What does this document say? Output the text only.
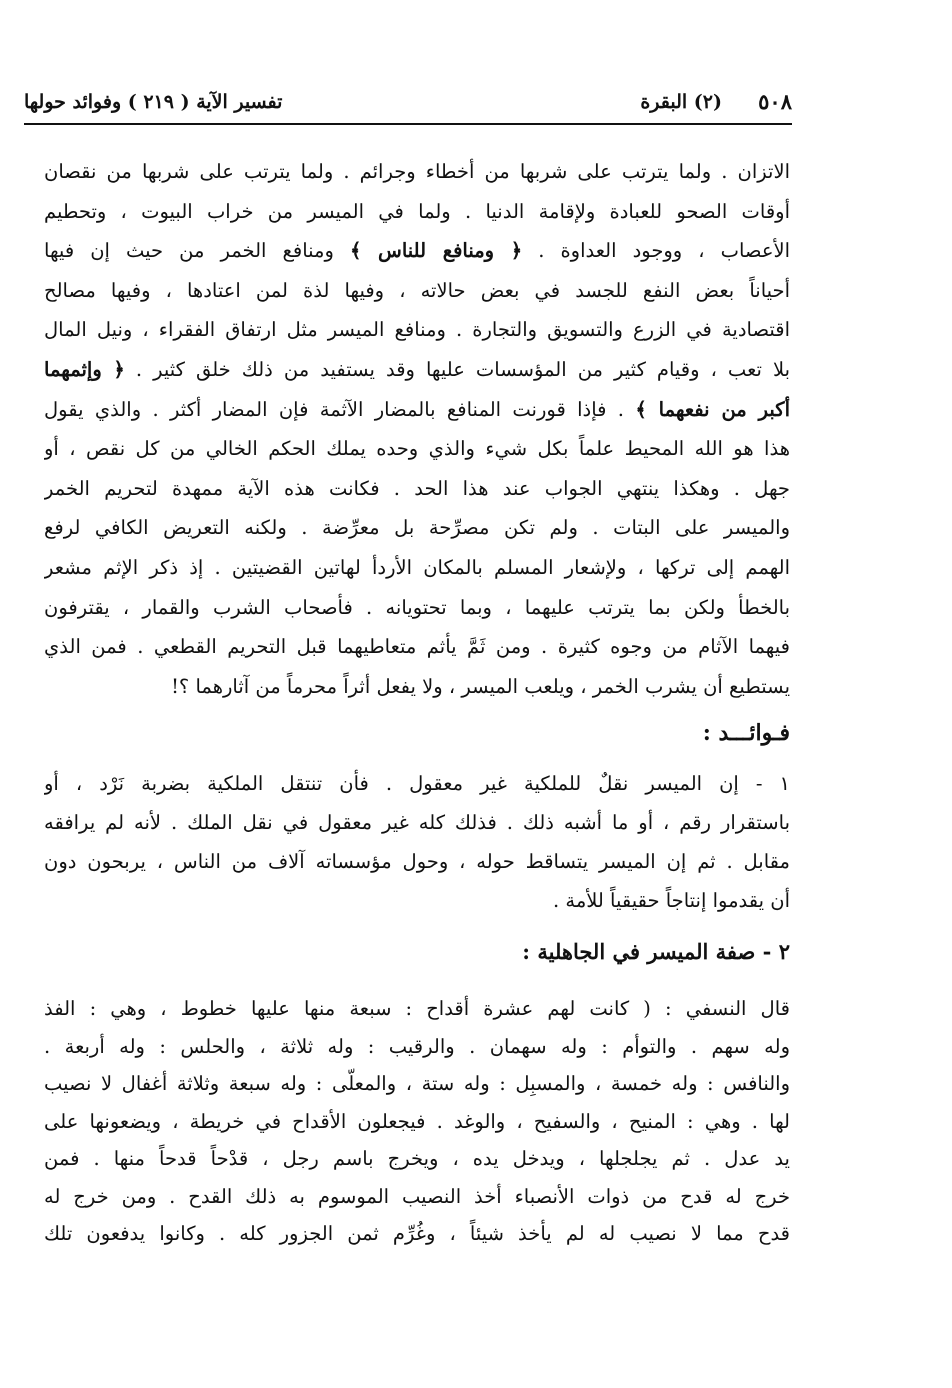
٥٠٨
(٢) البقرة
تفسير الآية ( ٢١٩ ) وفوائد حولها
الاتزان . ولما يترتب على شربها من أخطاء وجرائم . ولما يترتب على شربها من نقصان
أوقات الصحو للعبادة ولإقامة الدنيا . ولما في الميسر من خراب البيوت ، وتحطيم
الأعصاب ، ووجود العداوة . ﴿ ومنافع للناس ﴾ ومنافع الخمر من حيث إن فيها
أحياناً بعض النفع للجسد في بعض حالاته ، وفيها لذة لمن اعتادها ، وفيها مصالح
اقتصادية في الزرع والتسويق والتجارة . ومنافع الميسر مثل ارتفاق الفقراء ، ونيل المال
بلا تعب ، وقيام كثير من المؤسسات عليها وقد يستفيد من ذلك خلق كثير . ﴿ وإثمهما
أكبر من نفعهما ﴾ . فإذا قورنت المنافع بالمضار الآثمة فإن المضار أكثر . والذي يقول
هذا هو الله المحيط علماً بكل شيء والذي وحده يملك الحكم الخالي من كل نقص ، أو
جهل . وهكذا ينتهي الجواب عند هذا الحد . فكانت هذه الآية ممهدة لتحريم الخمر
والميسر على البتات . ولم تكن مصرِّحة بل معرِّضة . ولكنه التعريض الكافي لرفع
الهمم إلى تركها ، ولإشعار المسلم بالمكان الأردأ لهاتين القضيتين . إذ ذكر الإثم مشعر
بالخطأ ولكن بما يترتب عليهما ، وبما تحتويانه . فأصحاب الشرب والقمار ، يقترفون
فيهما الآثام من وجوه كثيرة . ومن ثَمَّ يأثم متعاطيهما قبل التحريم القطعي . فمن الذي
يستطيع أن يشرب الخمر ، ويلعب الميسر ، ولا يفعل أثراً محرماً من آثارهما ؟!
فـوائـــد :
١ - إن الميسر نقلٌ للملكية غير معقول . فأن تنتقل الملكية بضربة نَرْد ، أو
باستقرار رقم ، أو ما أشبه ذلك . فذلك كله غير معقول في نقل الملك . لأنه لم يرافقه
مقابل . ثم إن الميسر يتساقط حوله ، وحول مؤسساته آلاف من الناس ، يربحون دون
أن يقدموا إنتاجاً حقيقياً للأمة .
٢ - صفة الميسر في الجاهلية :
قال النسفي : ( كانت لهم عشرة أقداح : سبعة منها عليها خطوط ، وهي : الفذ
وله سهم . والتوأم : وله سهمان . والرقيب : وله ثلاثة ، والحلس : وله أربعة .
والنافس : وله خمسة ، والمسبِل : وله ستة ، والمعلّى : وله سبعة وثلاثة أغفال لا نصيب
لها . وهي : المنيح ، والسفيح ، والوغد . فيجعلون الأقداح في خريطة ، ويضعونها على
يد عدل . ثم يجلجلها ، ويدخل يده ، ويخرج باسم رجل ، قدْحاً قدحاً منها . فمن
خرج له قدح من ذوات الأنصباء أخذ النصيب الموسوم به ذلك القدح . ومن خرج له
قدح مما لا نصيب له لم يأخذ شيئاً ، وغُرِّم ثمن الجزور كله . وكانوا يدفعون تلك
